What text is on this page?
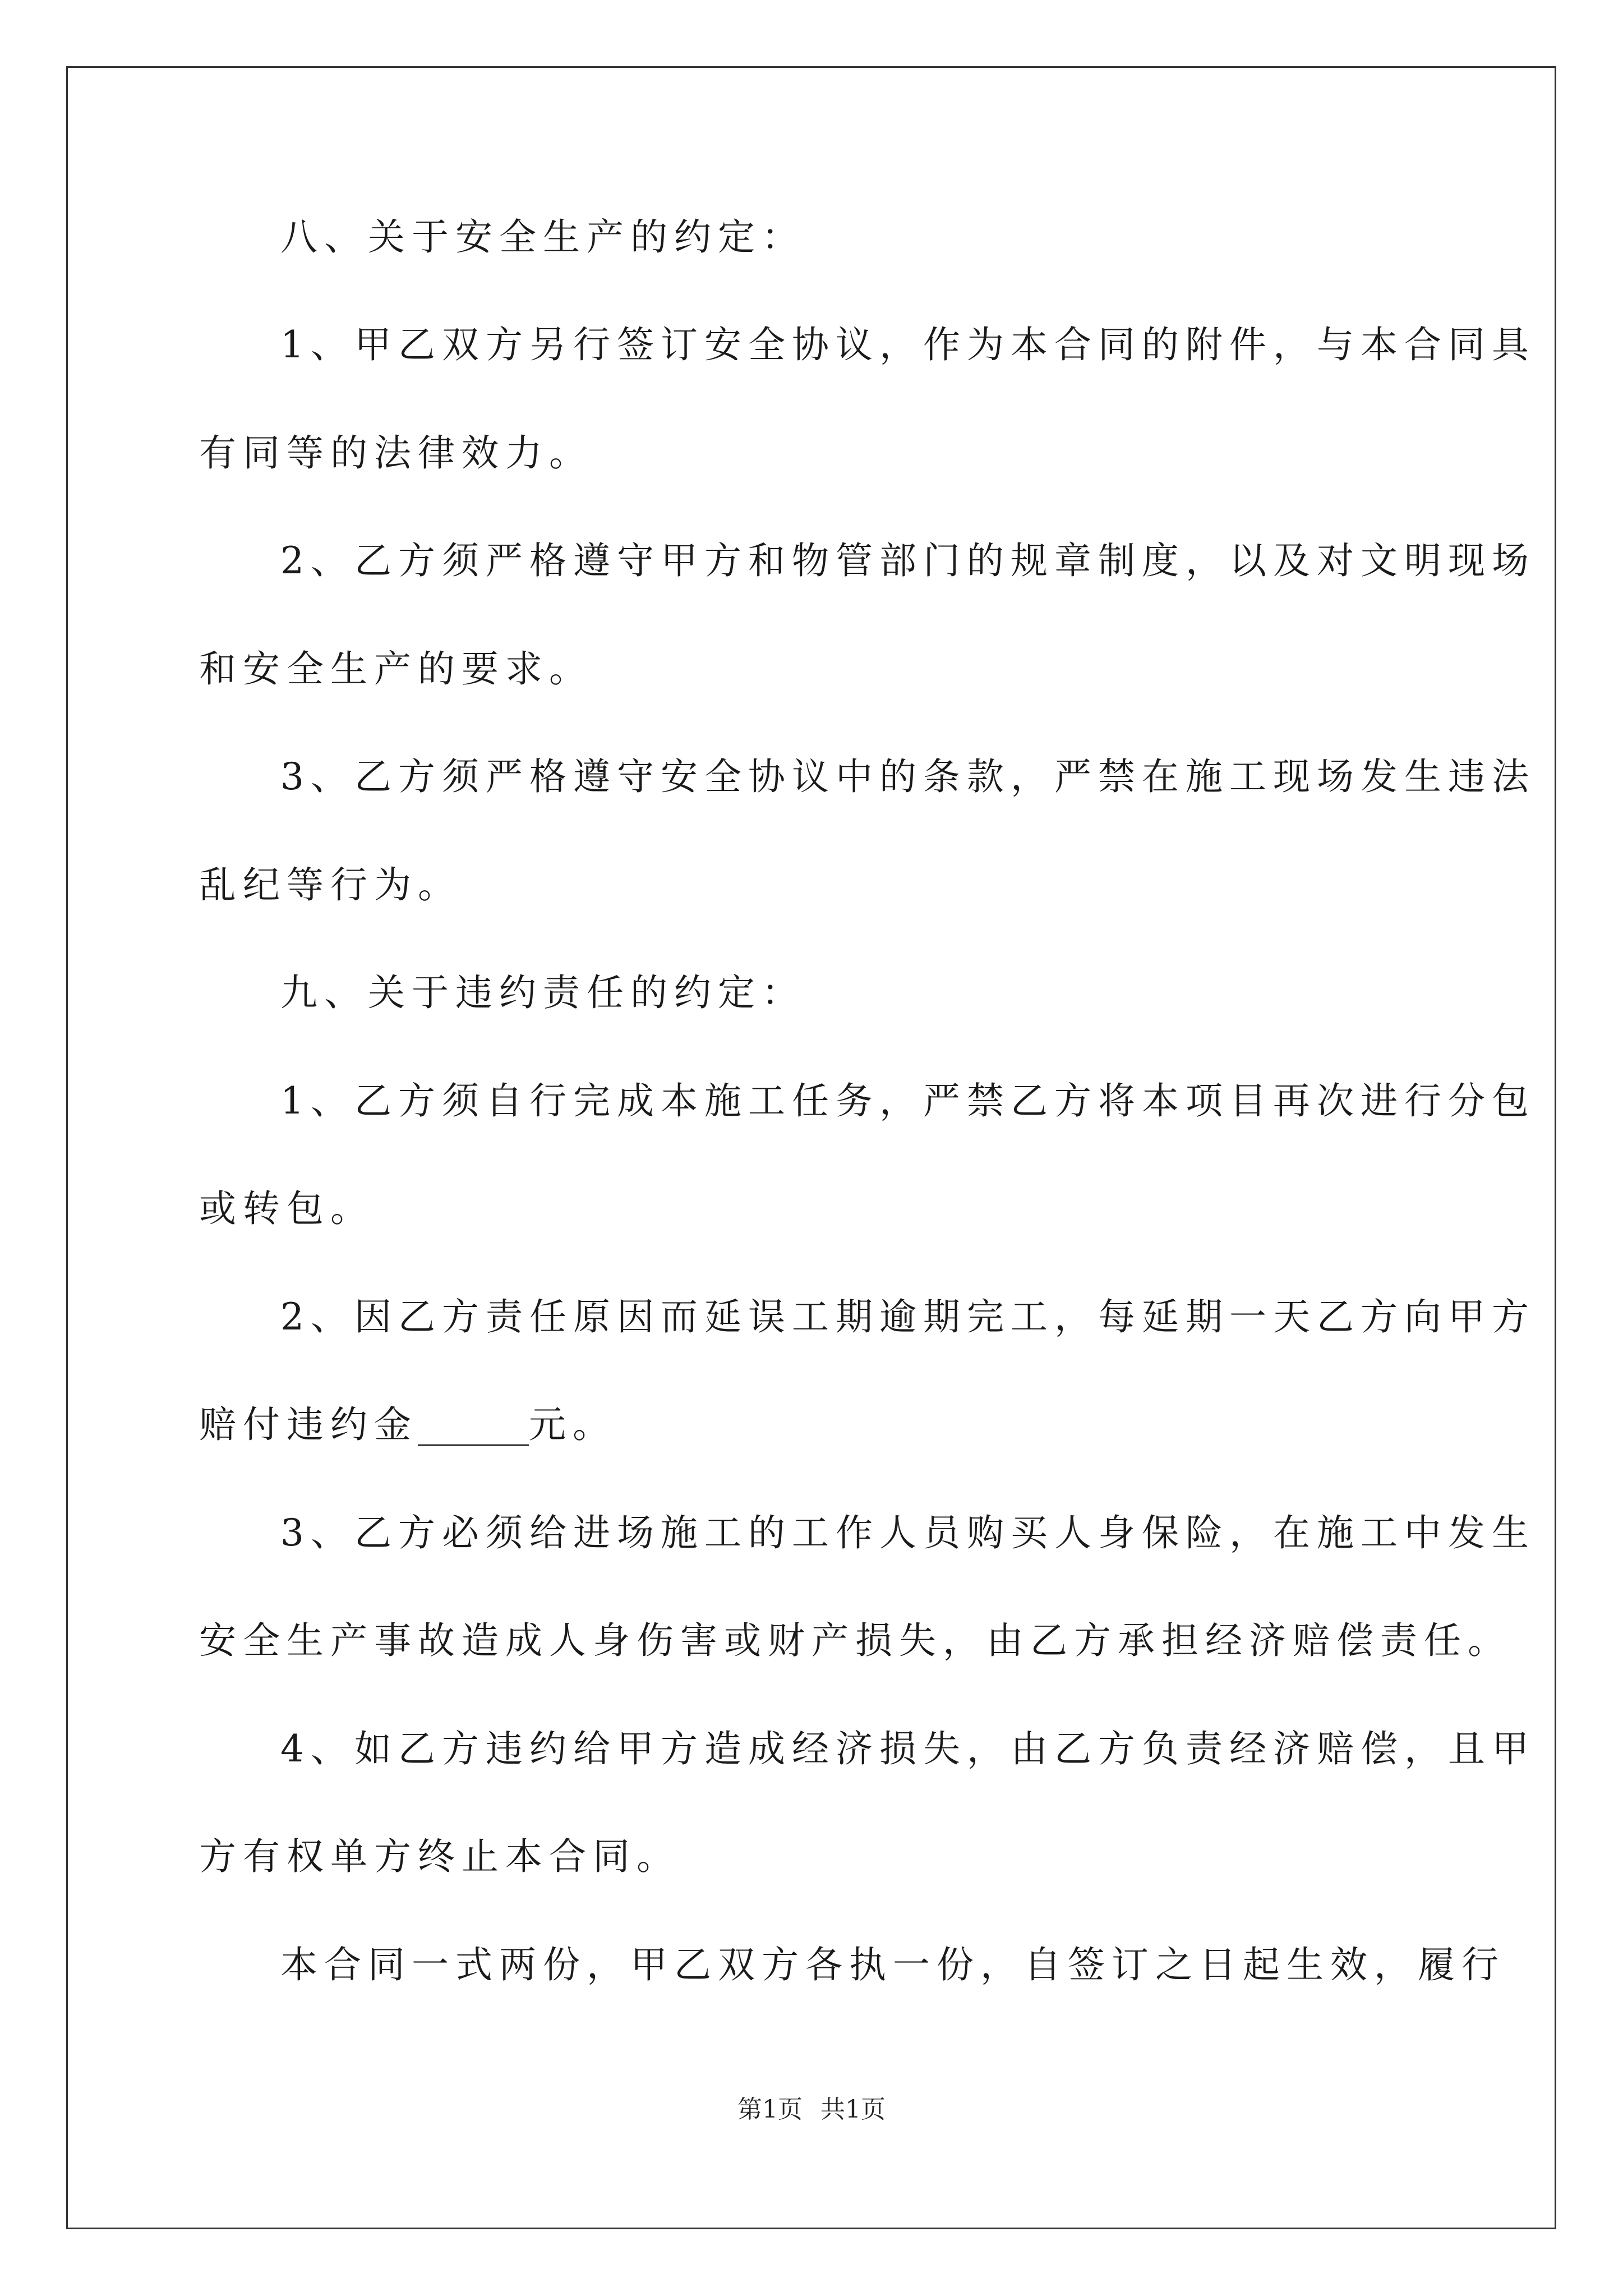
八、关于安全生产的约定：
1、甲乙双方另行签订安全协议，作为本合同的附件，与本合同具
有同等的法律效力。
2、乙方须严格遵守甲方和物管部门的规章制度，以及对文明现场
和安全生产的要求。
3、乙方须严格遵守安全协议中的条款，严禁在施工现场发生违法
乱纪等行为。
九、关于违约责任的约定：
1、乙方须自行完成本施工任务，严禁乙方将本项目再次进行分包
或转包。
2、因乙方责任原因而延误工期逾期完工，每延期一天乙方向甲方
赔付违约金______元。
3、乙方必须给进场施工的工作人员购买人身保险，在施工中发生
安全生产事故造成人身伤害或财产损失，由乙方承担经济赔偿责任。
4、如乙方违约给甲方造成经济损失，由乙方负责经济赔偿，且甲
方有权单方终止本合同。
本合同一式两份，甲乙双方各执一份，自签订之日起生效，履行
第1页 共1页
